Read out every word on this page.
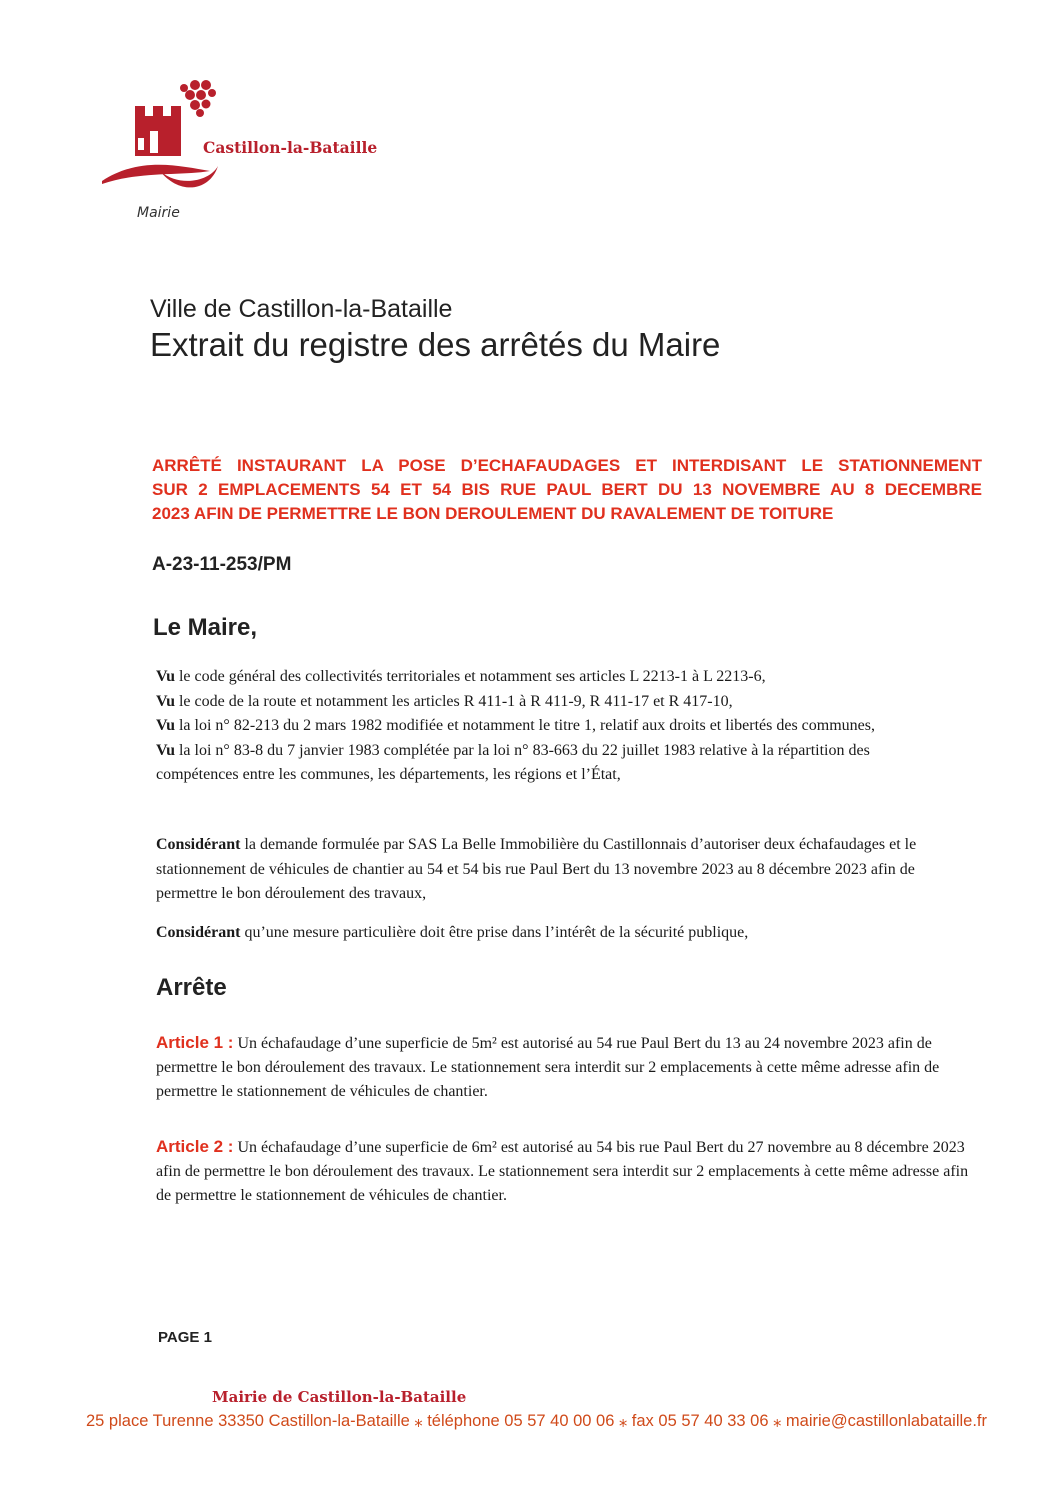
Castillon-la-Bataille
Mairie
Ville de Castillon-la-Bataille
Extrait du registre des arrêtés du Maire
ARRÊTÉ INSTAURANT LA POSE D’ECHAFAUDAGES ET INTERDISANT LE STATIONNEMENT
SUR 2 EMPLACEMENTS 54 ET 54 BIS RUE PAUL BERT DU 13 NOVEMBRE AU 8 DECEMBRE
2023 AFIN DE PERMETTRE LE BON DEROULEMENT DU RAVALEMENT DE TOITURE
A-23-11-253/PM
Le Maire,

Vu le code général des collectivités territoriales et notamment ses articles L 2213-1 à L 2213-6,

Vu le code de la route et notamment les articles R 411-1 à R 411-9, R 411-17 et R 417-10,

Vu la loi n° 82-213 du 2 mars 1982 modifiée et notamment le titre 1, relatif aux droits et libertés des communes,

Vu la loi n° 83-8 du 7 janvier 1983 complétée par la loi n° 83-663 du 22 juillet 1983 relative à la répartition des compétences entre les communes, les départements, les régions et l’État,

Considérant la demande formulée par SAS La Belle Immobilière du Castillonnais d’autoriser deux échafaudages et le stationnement de véhicules de chantier au 54 et 54 bis rue Paul Bert du 13 novembre 2023 au 8 décembre 2023 afin de permettre le bon déroulement des travaux,

Considérant qu’une mesure particulière doit être prise dans l’intérêt de la sécurité publique,

Arrête

Article 1 : Un échafaudage d’une superficie de 5m² est autorisé au 54 rue Paul Bert du 13 au 24 novembre 2023 afin de permettre le bon déroulement des travaux. Le stationnement sera interdit sur 2 emplacements à cette même adresse afin de permettre le stationnement de véhicules de chantier.

Article 2 : Un échafaudage d’une superficie de 6m² est autorisé au 54 bis rue Paul Bert du 27 novembre au 8 décembre 2023 afin de permettre le bon déroulement des travaux. Le stationnement sera interdit sur 2 emplacements à cette même adresse afin de permettre le stationnement de véhicules de chantier.

PAGE 1
Mairie de Castillon-la-Bataille
25 place Turenne 33350 Castillon-la-Bataille ⁎ téléphone 05 57 40 00 06 ⁎ fax 05 57 40 33 06 ⁎ mairie@castillonlabataille.fr
